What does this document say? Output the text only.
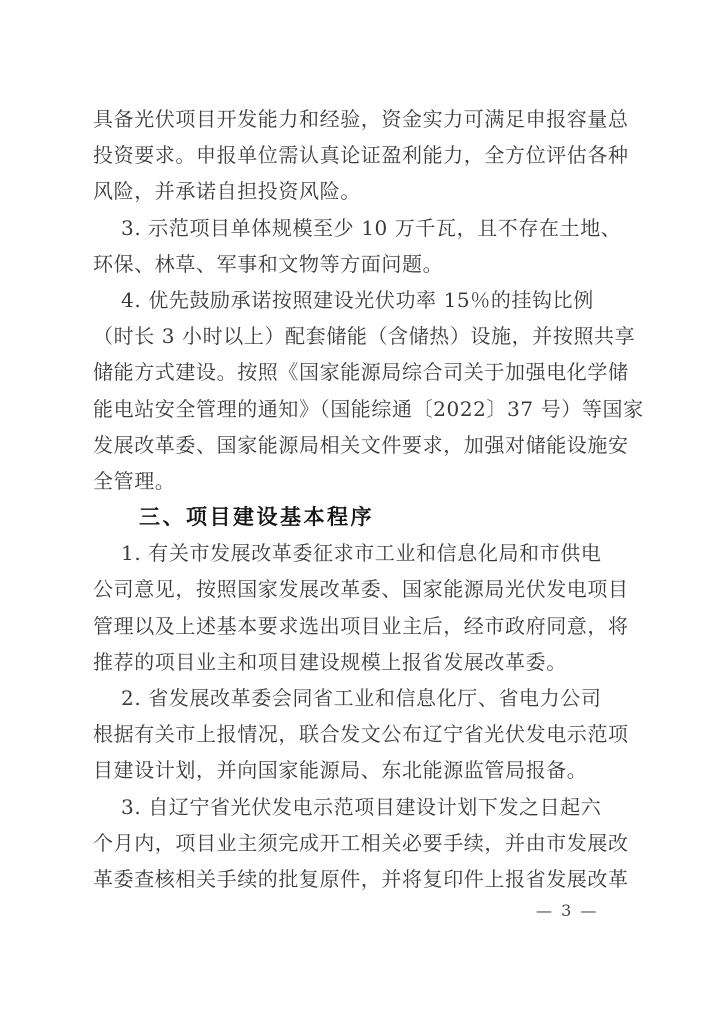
具备光伏项目开发能力和经验，资金实力可满足申报容量总
投资要求。申报单位需认真论证盈利能力，全方位评估各种
风险，并承诺自担投资风险。
3. 示范项目单体规模至少 10 万千瓦，且不存在土地、
环保、林草、军事和文物等方面问题。
4. 优先鼓励承诺按照建设光伏功率 15％的挂钩比例
（时长 3 小时以上）配套储能（含储热）设施，并按照共享
储能方式建设。按照《国家能源局综合司关于加强电化学储
能电站安全管理的通知》（国能综通〔2022〕37 号）等国家
发展改革委、国家能源局相关文件要求，加强对储能设施安
全管理。
三、项目建设基本程序
1. 有关市发展改革委征求市工业和信息化局和市供电
公司意见，按照国家发展改革委、国家能源局光伏发电项目
管理以及上述基本要求选出项目业主后，经市政府同意，将
推荐的项目业主和项目建设规模上报省发展改革委。
2. 省发展改革委会同省工业和信息化厅、省电力公司
根据有关市上报情况，联合发文公布辽宁省光伏发电示范项
目建设计划，并向国家能源局、东北能源监管局报备。
3. 自辽宁省光伏发电示范项目建设计划下发之日起六
个月内，项目业主须完成开工相关必要手续，并由市发展改
革委查核相关手续的批复原件，并将复印件上报省发展改革
— 3 —
